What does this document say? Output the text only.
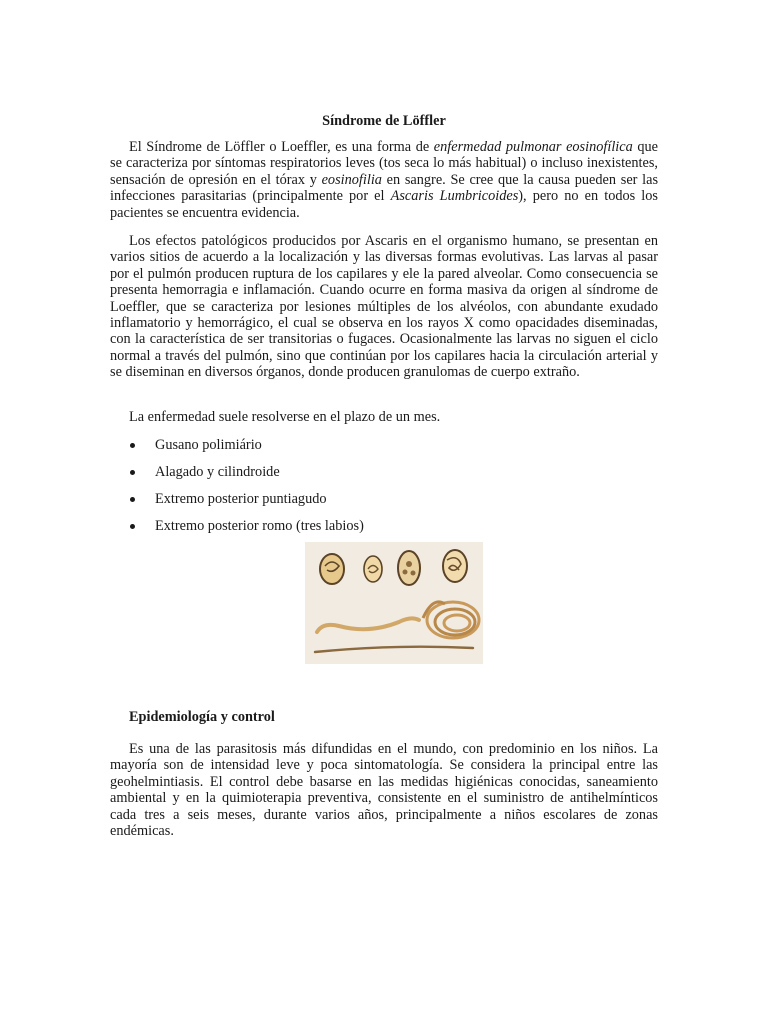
Síndrome de Löffler

El Síndrome de Löffler o Loeffler, es una forma de enfermedad pulmonar eosinofílica que se caracteriza por síntomas respiratorios leves (tos seca lo más habitual) o incluso inexistentes, sensación de opresión en el tórax y eosinofilia en sangre. Se cree que la causa pueden ser las infecciones parasitarias (principalmente por el Ascaris Lumbricoides), pero no en todos los pacientes se encuentra evidencia.

Los efectos patológicos producidos por Ascaris en el organismo humano, se presentan en varios sitios de acuerdo a la localización y las diversas formas evolutivas. Las larvas al pasar por el pulmón producen ruptura de los capilares y ele la pared alveolar. Como consecuencia se presenta hemorragia e inflamación. Cuando ocurre en forma masiva da origen al síndrome de Loeffler, que se caracteriza por lesiones múltiples de los alvéolos, con abundante exudado inflamatorio y hemorrágico, el cual se observa en los rayos X como opacidades diseminadas, con la característica de ser transitorias o fugaces. Ocasionalmente las larvas no siguen el ciclo normal a través del pulmón, sino que continúan por los capilares hacia la circulación arterial y se diseminan en diversos órganos, donde producen granulomas de cuerpo extraño.

La enfermedad suele resolverse en el plazo de un mes.

Gusano polimiário
Alagado y cilindroide
Extremo posterior puntiagudo
Extremo posterior romo (tres labios)
Epidemiología y control

Es una de las parasitosis más difundidas en el mundo, con predominio en los niños. La mayoría son de intensidad leve y poca sintomatología. Se considera la principal entre las geohelmintiasis. El control debe basarse en las medidas higiénicas conocidas, saneamiento ambiental y en la quimioterapia preventiva, consistente en el suministro de antihelmínticos cada tres a seis meses, durante varios años, principalmente a niños escolares de zonas endémicas.
